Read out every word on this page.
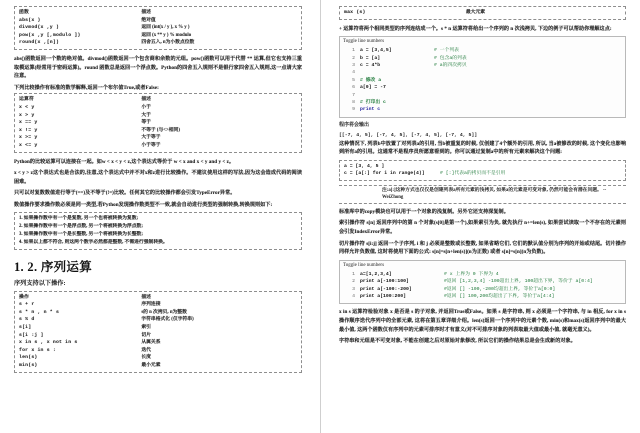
函数	描述
abs(x )	绝对值
divmod(x ,y )	返回 (int(x / y ), x % y )
pow(x ,y [,modulo ])	返回 (x ** y ) % modulo
round(x ,[n])	四舍五入, n为小数点位数

abs()函数返回一个数的绝对值。divmod()函数返回一个包含商和余数的元组。pow()函数可以用于代替 ** 运算,但它也支持三重取模运算(经常用于密码运算)。round 函数总是返回一个浮点数。Python的四舍五入规则不是银行家四舍五入规则,这一点请大家注意。

下列比较操作有标准的数学解释,返回一个布尔值True,或者False:

运算符	描述
x < y	小于
x > y	大于
x == y	等于
x != y	不等于 (与<>相同)
x >= y	大于等于
x <= y	小于等于

Python的比较运算可以连接在一起。如w < x < y < z,这个表达式等价于 w < x and x < y and y < z。

x < y > z这个表达式也是合法的,注意,这个表达式中并不对x和z进行比较操作。不建议使用这样的写法,因为这会造成代码的阅读困难。

只可以对复数数值进行等于(==)及不等于(!=)比较。任何其它的比较操作都会引发TypeError异常。

数值操作要求操作数必须是同一类型,若Python发现操作数类型不一致,就会自动进行类型的强制转换,转换规则如下:

1. 如果操作数中有一个是复数, 另一个也将被转换为复数;
2. 如果操作数中有一个是浮点数, 另一个将被转换为浮点数;
3. 如果操作数中有一个是长整数, 另一个将被转换为长整数;
4. 如果以上都不符合, 则这两个数字必然都是整数, 不需进行强制转换。
1. 2. 序列运算
序列支持以下操作:
操作	描述
s + r	序列连接
s * n , n * s	s的 n 次拷贝, n为整数
s % d	字符串格式化 (仅字符串)
s[i]	索引
s[i :j ]	切片
x in s , x not in s	从属关系
for x in s :	迭代
len(s)	长度
min(s)	最小元素
max (s)	最大元素

+ 运算符将两个相同类型的序列连结成一个。s * n 运算符将给出一个序列的 n 次浅拷贝, 下边的例子可以帮助你理解这点:

Toggle line numbers
1 a = [3,4,5]	# 一个列表
2 b = [a]	# 包含a的列表
3 c = 4*b	# a的四次拷贝
4
5 # 修改 a
6 a[0] = -7
7
8 # 打印出 c
9 print c
程序将会输出
[[-7, 4, 5], [-7, 4, 5], [-7, 4, 5], [-7, 4, 5]]

这种情况下, 列表b中放置了对列表a的引用, 当b被重复的时候, 仅创建了4个额外的引用, 所以, 当a被修改的时候, 这个变化也影响到所有a的引用。这通常不是程序员所愿意看到的。你可以通过复制a中的所有元素来解决这个问题:

a = [3, 4, 5 ]
c = [a[:] for i in range(4)]	# [:]代表a的拷贝而不是引用
注:a[:]这种方式也仅仅是创建列表a所有元素的浅拷贝, 如果a的元素是可变对象, 仍然可能会有潜在问题。 --WeiZhong

标准库中的copy模块也可以用于一个对象的浅复制。另外它还支持深复制。

索引操作符 s[n] 返回序列中的第 n 个对象(s[0]是第一个),如果索引为负, 就先执行 n+=len(s), 如果尝试读取一个不存在的元素则会引发IndexError异常。

切片操作符 s[i:j] 返回一个子序列, i 和 j 必须是整数或长整数, 如果省略它们, 它们的默认值分别为序列的开始或结尾。切片操作同样允许负数值, 这时将使用下面的公式: s[n]=s[n+len(s)](n为正数) 或者 s[n]=s[n](n为负数)。

Toggle line numbers
1 a=[1,2,3,4]	# x 上界为 0 下界为 4
2 print a[-100:100]	#返回 [1,2,3,4] -100超出上界, 100超出下界, 等价于 a[0:4]
3 print a[-100:-200]	#返回 [] -100,-200均超出上界, 等价于a[0:0]
4 print a[100:200]	#返回 [] 100,200均超出了下界, 等价于a[4:4]

x in s 运算符检验对象 x 是否是 s 的子对象, 并返回True或False。如果 s 是字符串, 则 x 必须是一个字符串, 与 in 相反, for x in s 操作顺序迭代序列中的全部元素, 这将在第五章详细介绍。len(s)返回一个序列中的元素个数, min(s)和max(s)返回序列中的最大最小值, 这两个函数仅有序列中的元素可排序时才有意义(对不可排序对象的列表取最大值或最小值, 就毫无意义)。

字符串和元组是不可变对象, 不能在创建之后对原始对象修改, 所以它们的操作结果总是会生成新的对象。
